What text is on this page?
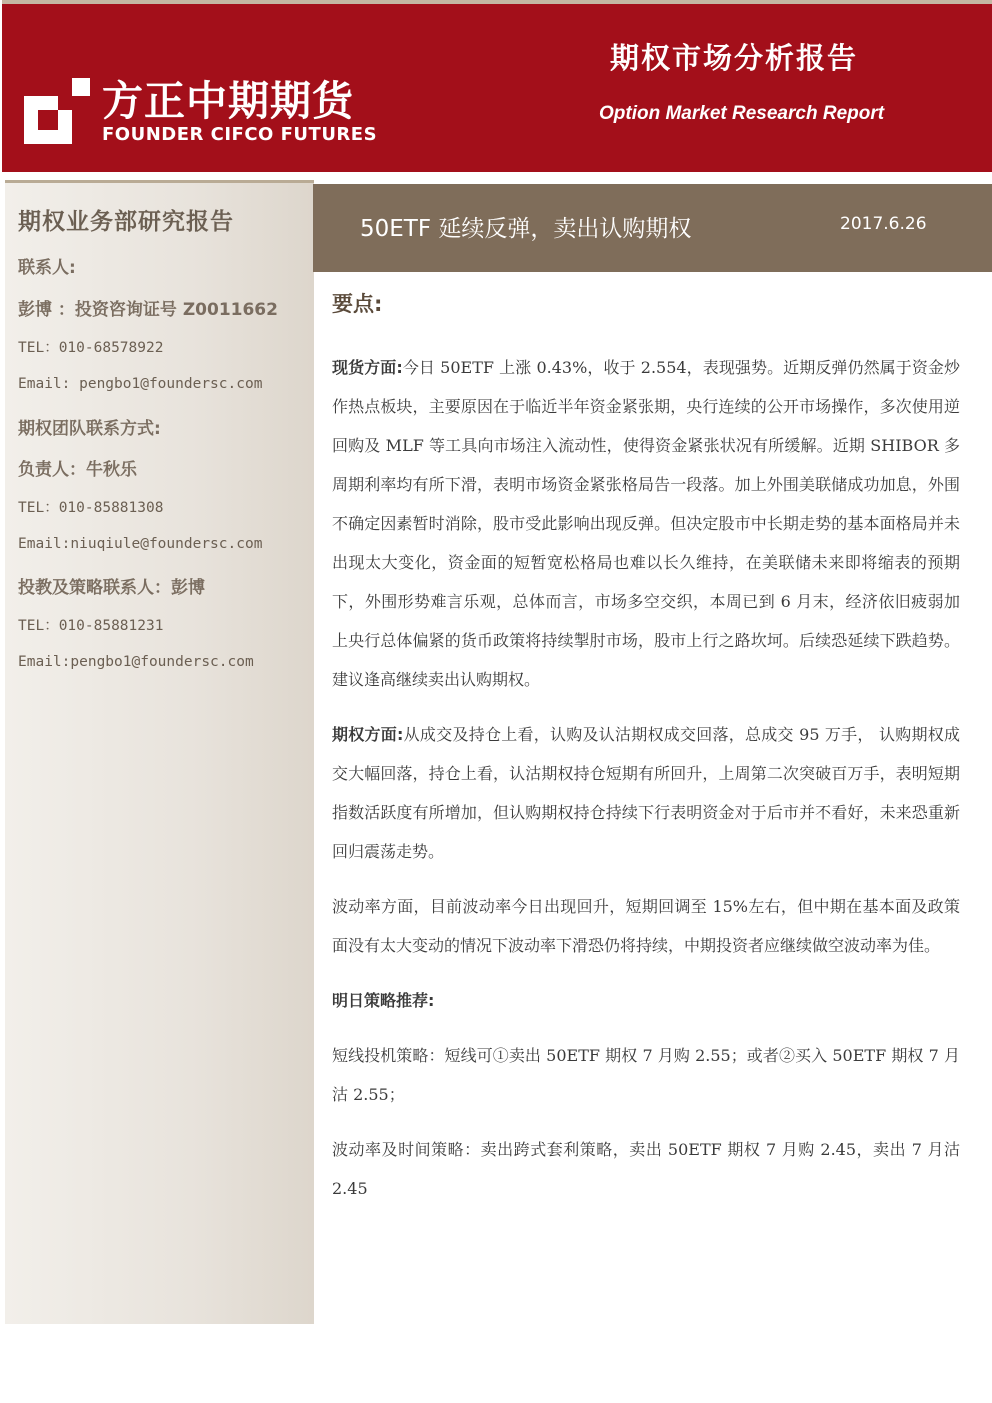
方正中期期货
FOUNDER CIFCO FUTURES
期权市场分析报告
Option Market Research Report
期权业务部研究报告
联系人:
彭博 ：投资咨询证号 Z0011662
TEL：010-68578922
Email: pengbo1@foundersc.com
期权团队联系方式:
负责人：牛秋乐
TEL：010-85881308
Email:niuqiule@foundersc.com
投教及策略联系人：彭博
TEL：010-85881231
Email:pengbo1@foundersc.com
50ETF 延续反弹，卖出认购期权	2017.6.26
要点:

现货方面:今日 50ETF 上涨 0.43%，收于 2.554，表现强势。近期反弹仍然属于资金炒作热点板块，主要原因在于临近半年资金紧张期，央行连续的公开市场操作，多次使用逆回购及 MLF 等工具向市场注入流动性，使得资金紧张状况有所缓解。近期 SHIBOR 多周期利率均有所下滑，表明市场资金紧张格局告一段落。加上外围美联储成功加息，外围不确定因素暂时消除，股市受此影响出现反弹。但决定股市中长期走势的基本面格局并未出现太大变化，资金面的短暂宽松格局也难以长久维持，在美联储未来即将缩表的预期下，外围形势难言乐观，总体而言，市场多空交织，本周已到 6 月末，经济依旧疲弱加上央行总体偏紧的货币政策将持续掣肘市场，股市上行之路坎坷。后续恐延续下跌趋势。建议逢高继续卖出认购期权。

期权方面:从成交及持仓上看，认购及认沽期权成交回落，总成交 95 万手， 认购期权成交大幅回落，持仓上看，认沽期权持仓短期有所回升，上周第二次突破百万手，表明短期指数活跃度有所增加，但认购期权持仓持续下行表明资金对于后市并不看好，未来恐重新回归震荡走势。

波动率方面，目前波动率今日出现回升，短期回调至 15%左右，但中期在基本面及政策面没有太大变动的情况下波动率下滑恐仍将持续，中期投资者应继续做空波动率为佳。

明日策略推荐:

短线投机策略：短线可①卖出 50ETF 期权 7 月购 2.55；或者②买入 50ETF 期权 7 月沽 2.55；

波动率及时间策略：卖出跨式套利策略，卖出 50ETF 期权 7 月购 2.45，卖出 7 月沽 2.45
